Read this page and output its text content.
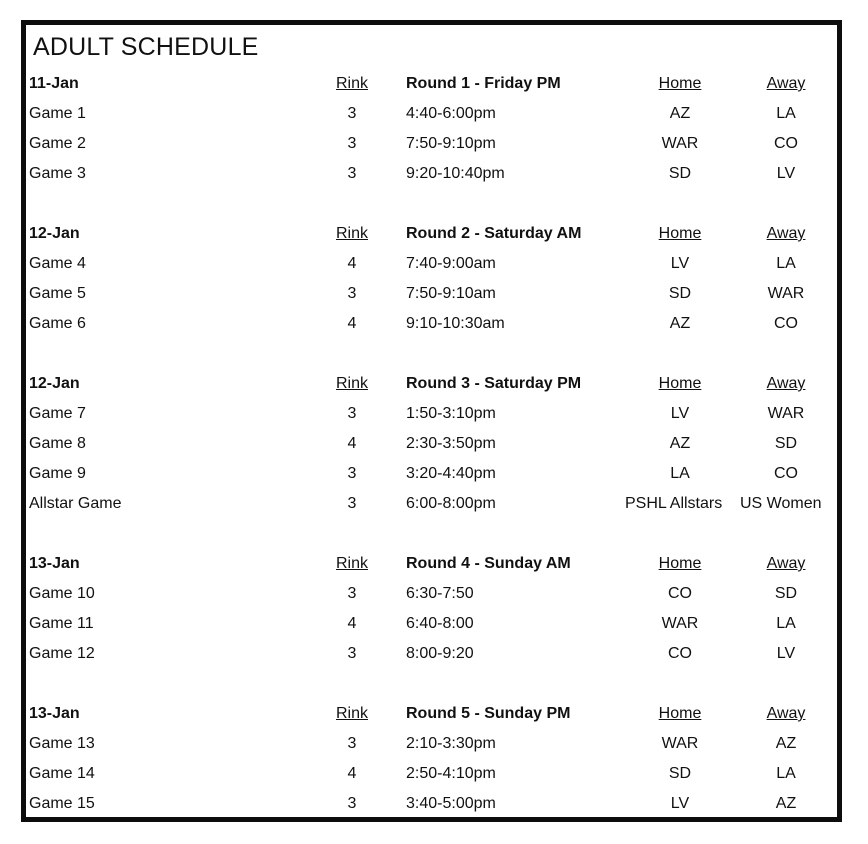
ADULT SCHEDULE
11-Jan	Rink	Round 1 - Friday PM	Home	Away
Game 1	3	4:40-6:00pm	AZ	LA
Game 2	3	7:50-9:10pm	WAR	CO
Game 3	3	9:20-10:40pm	SD	LV
12-Jan	Rink	Round 2 - Saturday AM	Home	Away
Game 4	4	7:40-9:00am	LV	LA
Game 5	3	7:50-9:10am	SD	WAR
Game 6	4	9:10-10:30am	AZ	CO
12-Jan	Rink	Round 3 - Saturday PM	Home	Away
Game 7	3	1:50-3:10pm	LV	WAR
Game 8	4	2:30-3:50pm	AZ	SD
Game 9	3	3:20-4:40pm	LA	CO
Allstar Game	3	6:00-8:00pm	PSHL Allstars	US Women
13-Jan	Rink	Round 4 - Sunday AM	Home	Away
Game 10	3	6:30-7:50	CO	SD
Game 11	4	6:40-8:00	WAR	LA
Game 12	3	8:00-9:20	CO	LV
13-Jan	Rink	Round 5 - Sunday PM	Home	Away
Game 13	3	2:10-3:30pm	WAR	AZ
Game 14	4	2:50-4:10pm	SD	LA
Game 15	3	3:40-5:00pm	LV	AZ
